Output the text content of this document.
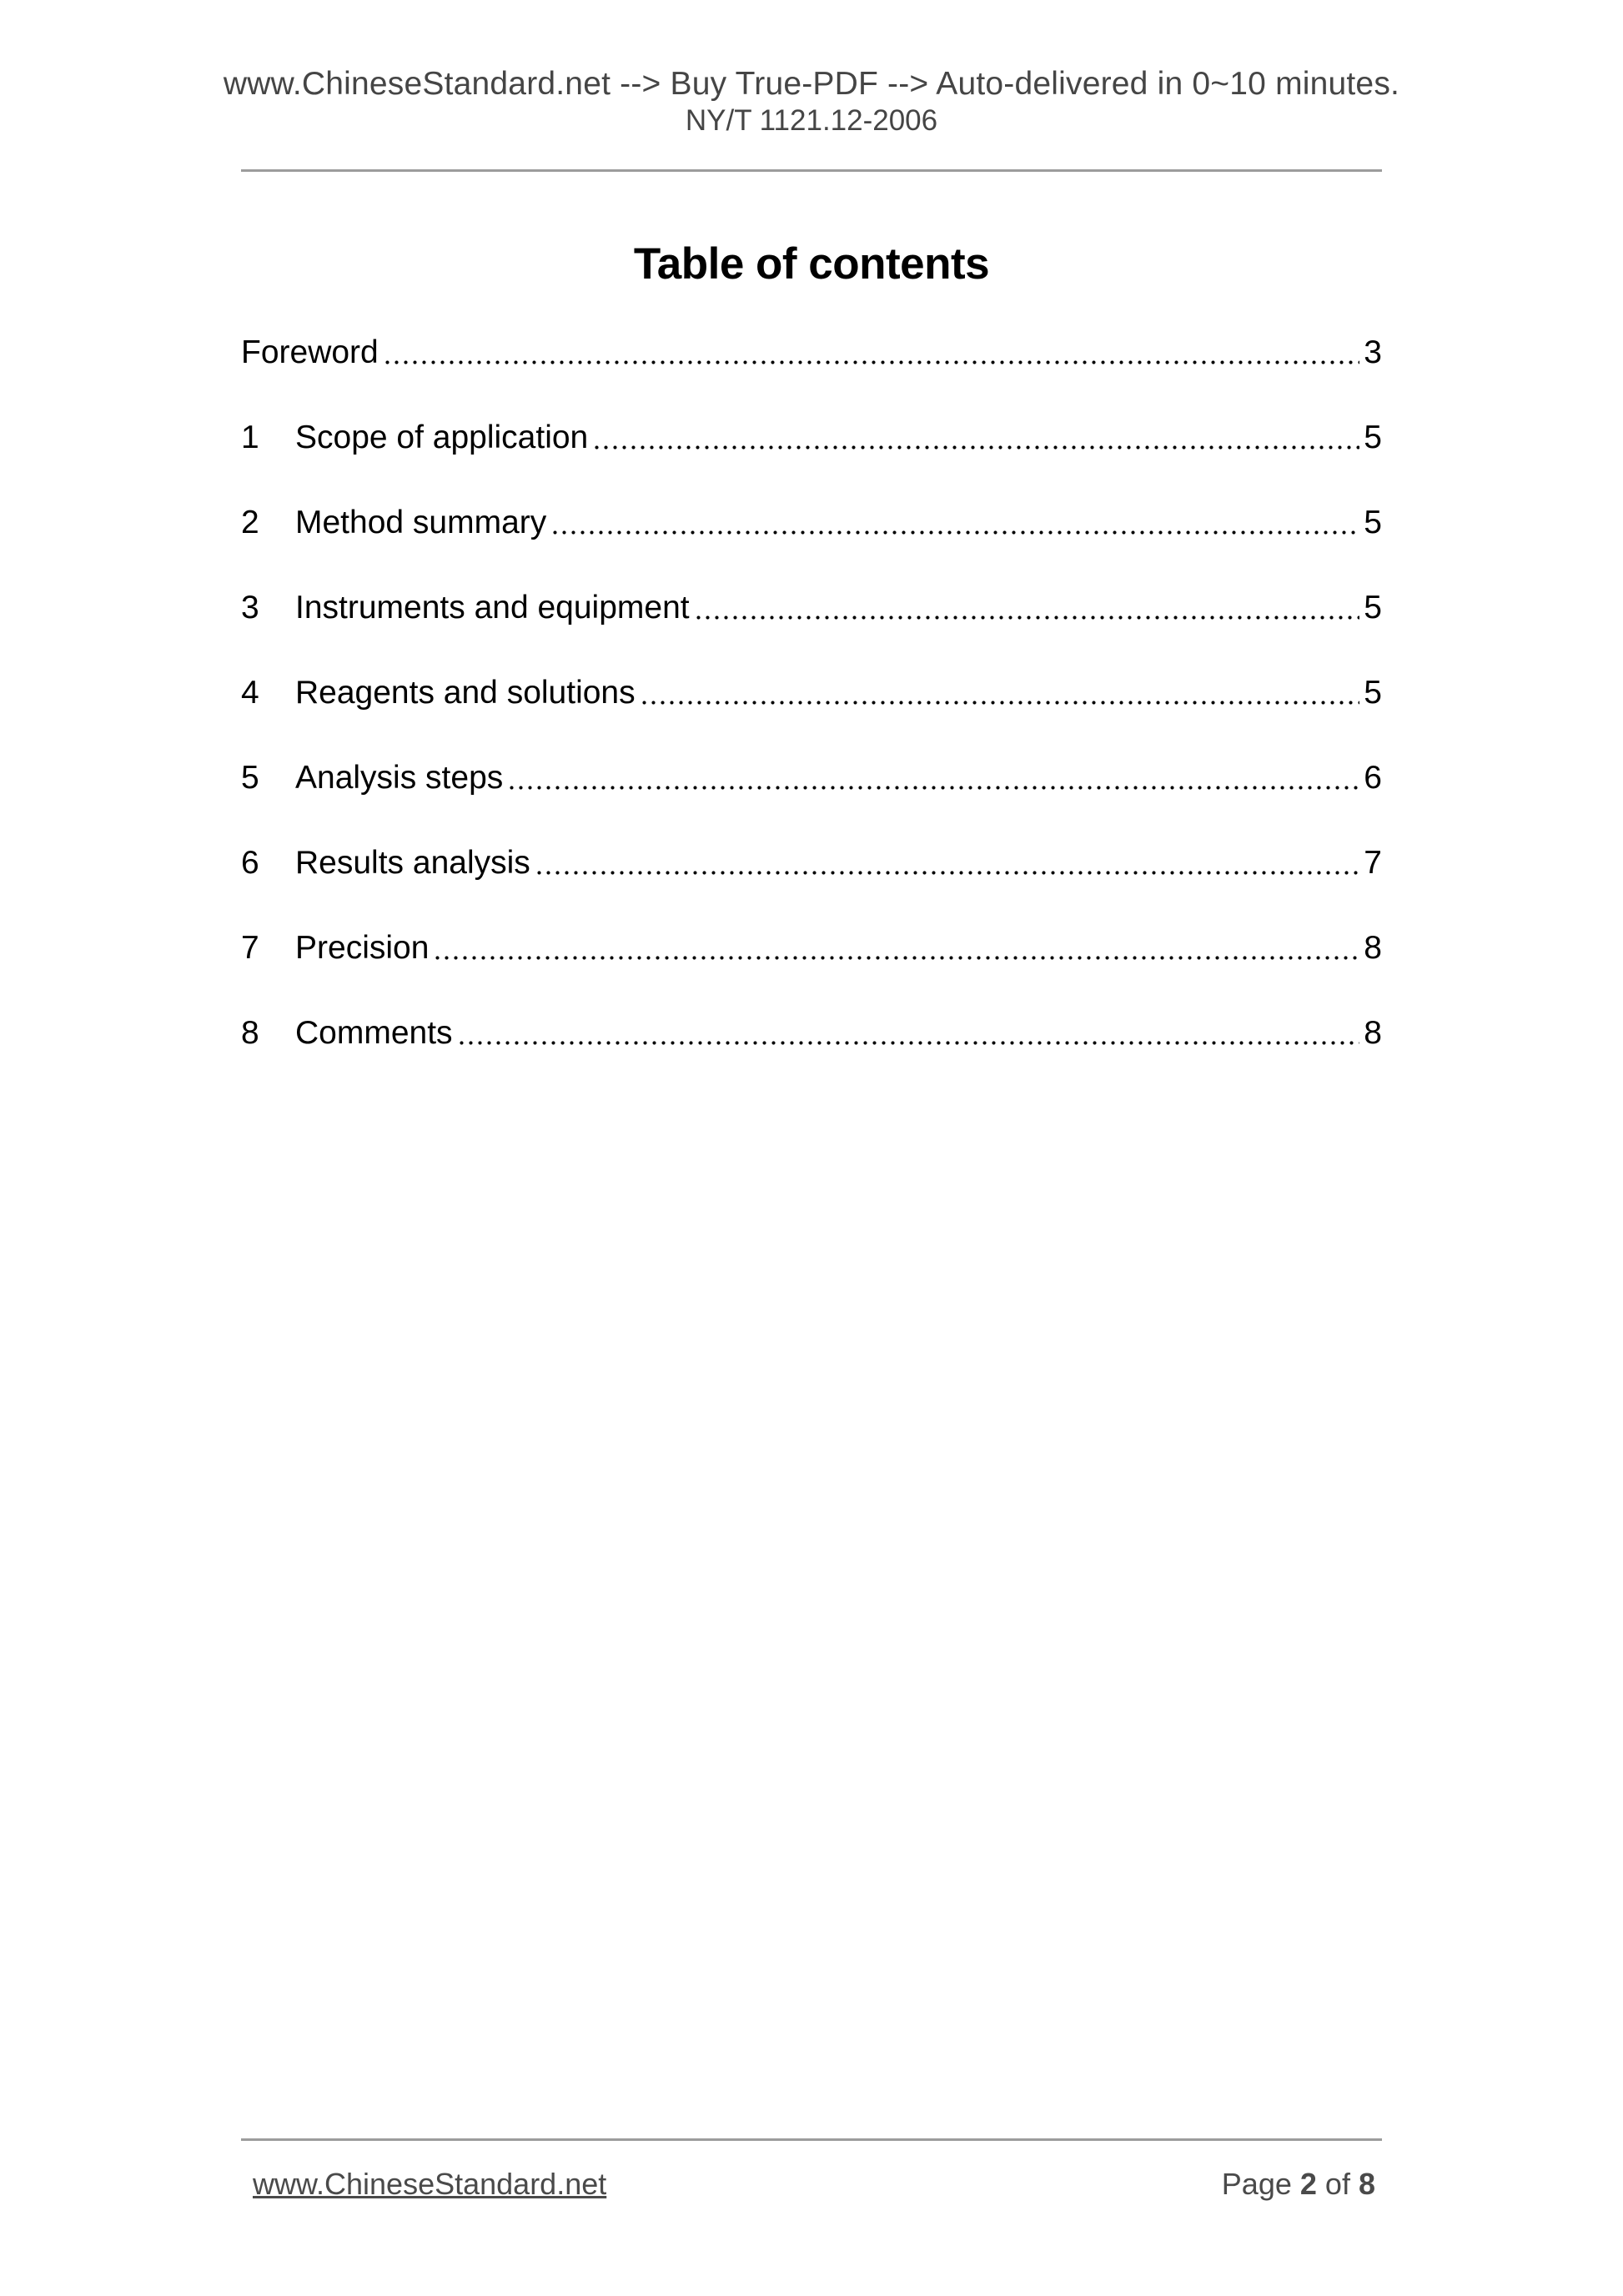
www.ChineseStandard.net --> Buy True-PDF --> Auto-delivered in 0~10 minutes.
NY/T 1121.12-2006
Table of contents
Foreword	3
1	Scope of application	5
2	Method summary	5
3	Instruments and equipment	5
4	Reagents and solutions	5
5	Analysis steps	6
6	Results analysis	7
7	Precision	8
8	Comments	8
www.ChineseStandard.net	Page 2 of 8
